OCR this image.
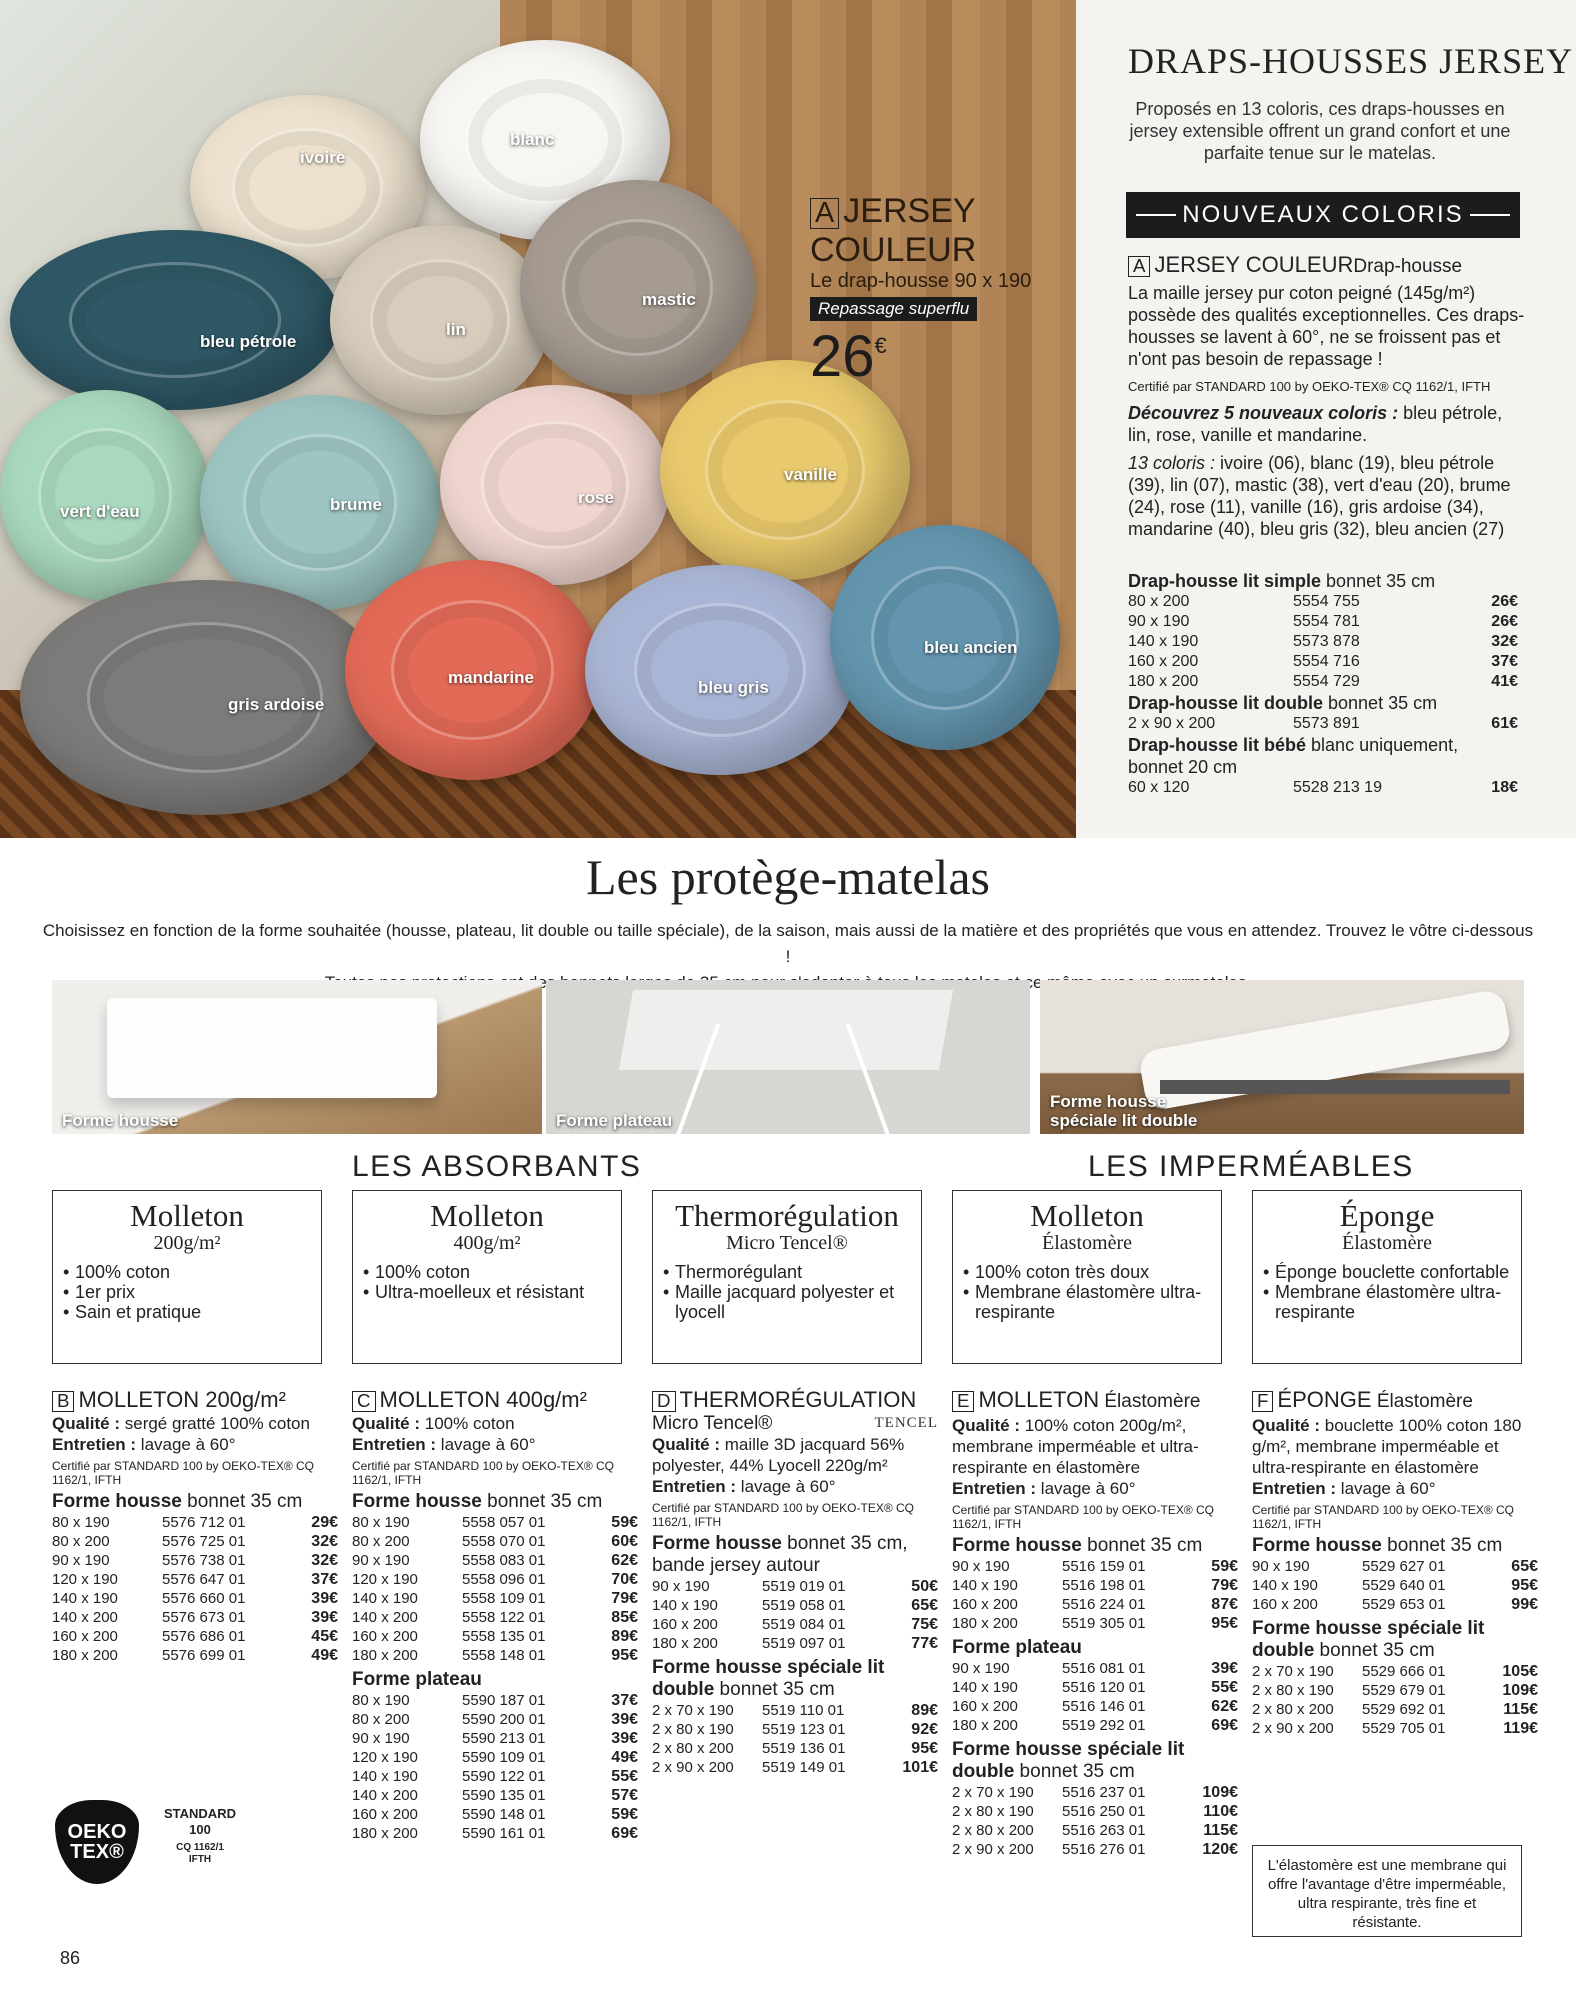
ivoire
blanc
bleu pétrole
lin
mastic
vert d'eau	brume	rose
vanille
gris ardoise
mandarine
bleu gris
bleu ancien
A JERSEY COULEUR
Le drap-housse 90 x 190
Repassage superflu
26€
DRAPS-HOUSSES JERSEY
Proposés en 13 coloris, ces draps-housses en jersey extensible offrent un grand confort et une parfaite tenue sur le matelas.
NOUVEAUX COLORIS
A JERSEY COULEURDrap-housse
La maille jersey pur coton peigné (145g/m²) possède des qualités exceptionnelles. Ces draps-housses se lavent à 60°, ne se froissent pas et n'ont pas besoin de repassage !
Certifié par STANDARD 100 by OEKO-TEX® CQ 1162/1, IFTH
Découvrez 5 nouveaux coloris : bleu pétrole, lin, rose, vanille et mandarine.
13 coloris : ivoire (06), blanc (19), bleu pétrole (39), lin (07), mastic (38), vert d'eau (20), brume (24), rose (11), vanille (16), gris ardoise (34), mandarine (40), bleu gris (32), bleu ancien (27)
Drap-housse lit simple bonnet 35 cm
80 x 200	5554 755	26€
90 x 190	5554 781	26€
140 x 190	5573 878	32€
160 x 200	5554 716	37€
180 x 200	5554 729	41€
Drap-housse lit double bonnet 35 cm
2 x 90 x 200	5573 891	61€
Drap-housse lit bébé blanc uniquement, bonnet 20 cm
60 x 120	5528 213 19	18€
Les protège-matelas
Choisissez en fonction de la forme souhaitée (housse, plateau, lit double ou taille spéciale), de la saison, mais aussi de la matière et des propriétés que vous en attendez. Trouvez le vôtre ci-dessous !
ce
Forme housse	Forme plateau
Forme housse spéciale lit double
LES ABSORBANTS	LES IMPERMÉABLES
Molleton
200g/m²
• 100% coton
• 1er prix
• Sain et pratique
Molleton
400g/m²
• 100% coton
• Ultra-moelleux et résistant
Thermorégulation
Micro Tencel®
• Thermorégulant
• Maille jacquard polyester et lyocell
Molleton
Élastomère
• 100% coton très doux
• Membrane élastomère ultra-respirante
Éponge
Élastomère
• Éponge bouclette confortable
• Membrane élastomère ultra-respirante
B MOLLETON 200g/m²
Qualité : sergé gratté 100% coton
Entretien : lavage à 60°
Certifié par STANDARD 100 by OEKO-TEX® CQ 1162/1, IFTH
Forme housse bonnet 35 cm
80 x 190	5576 712 01	29€
80 x 200	5576 725 01	32€
90 x 190	5576 738 01	32€
120 x 190	5576 647 01	37€
140 x 190	5576 660 01	39€
140 x 200	5576 673 01	39€
160 x 200	5576 686 01	45€
180 x 200	5576 699 01	49€
C MOLLETON 400g/m²
Qualité : 100% coton
Entretien : lavage à 60°
Certifié par STANDARD 100 by OEKO-TEX® CQ 1162/1, IFTH
Forme housse bonnet 35 cm
80 x 190	5558 057 01	59€
80 x 200	5558 070 01	60€
90 x 190	5558 083 01	62€
120 x 190	5558 096 01	70€
140 x 190	5558 109 01	79€
140 x 200	5558 122 01	85€
160 x 200	5558 135 01	89€
180 x 200	5558 148 01	95€
Forme plateau
80 x 190	5590 187 01	37€
80 x 200	5590 200 01	39€
90 x 190	5590 213 01	39€
120 x 190	5590 109 01	49€
140 x 190	5590 122 01	55€
140 x 200	5590 135 01	57€
160 x 200	5590 148 01	59€
180 x 200	5590 161 01	69€
D THERMORÉGULATION
Micro Tencel®	TENCEL
Qualité : maille 3D jacquard 56% polyester, 44% Lyocell 220g/m²
Entretien : lavage à 60°
Certifié par STANDARD 100 by OEKO-TEX® CQ 1162/1, IFTH
Forme housse bonnet 35 cm, bande jersey autour
90 x 190	5519 019 01	50€
140 x 190	5519 058 01	65€
160 x 200	5519 084 01	75€
180 x 200	5519 097 01	77€
Forme housse spéciale lit double bonnet 35 cm
2 x 70 x 190	5519 110 01	89€
2 x 80 x 190	5519 123 01	92€
2 x 80 x 200	5519 136 01	95€
2 x 90 x 200	5519 149 01	101€
E MOLLETON Élastomère
Qualité : 100% coton 200g/m², membrane imperméable et ultra-respirante en élastomère
Entretien : lavage à 60°
Certifié par STANDARD 100 by OEKO-TEX® CQ 1162/1, IFTH
Forme housse bonnet 35 cm
90 x 190	5516 159 01	59€
140 x 190	5516 198 01	79€
160 x 200	5516 224 01	87€
180 x 200	5519 305 01	95€
Forme plateau
90 x 190	5516 081 01	39€
140 x 190	5516 120 01	55€
160 x 200	5516 146 01	62€
180 x 200	5519 292 01	69€
Forme housse spéciale lit double bonnet 35 cm
2 x 70 x 190	5516 237 01	109€
2 x 80 x 190	5516 250 01	110€
2 x 80 x 200	5516 263 01	115€
2 x 90 x 200	5516 276 01	120€
F ÉPONGE Élastomère
Qualité : bouclette 100% coton 180 g/m², membrane imperméable et ultra-respirante en élastomère
Entretien : lavage à 60°
Certifié par STANDARD 100 by OEKO-TEX® CQ 1162/1, IFTH
Forme housse bonnet 35 cm
90 x 190	5529 627 01	65€
140 x 190	5529 640 01	95€
160 x 200	5529 653 01	99€
Forme housse spéciale lit double bonnet 35 cm
2 x 70 x 190	5529 666 01	105€
2 x 80 x 190	5529 679 01	109€
2 x 80 x 200	5529 692 01	115€
2 x 90 x 200	5529 705 01	119€
OEKO
TEX®
STANDARD
100
CQ 1162/1
IFTH	L'élastomère est une membrane qui offre l'avantage d'être imperméable, ultra respirante, très fine et résistante.
86
